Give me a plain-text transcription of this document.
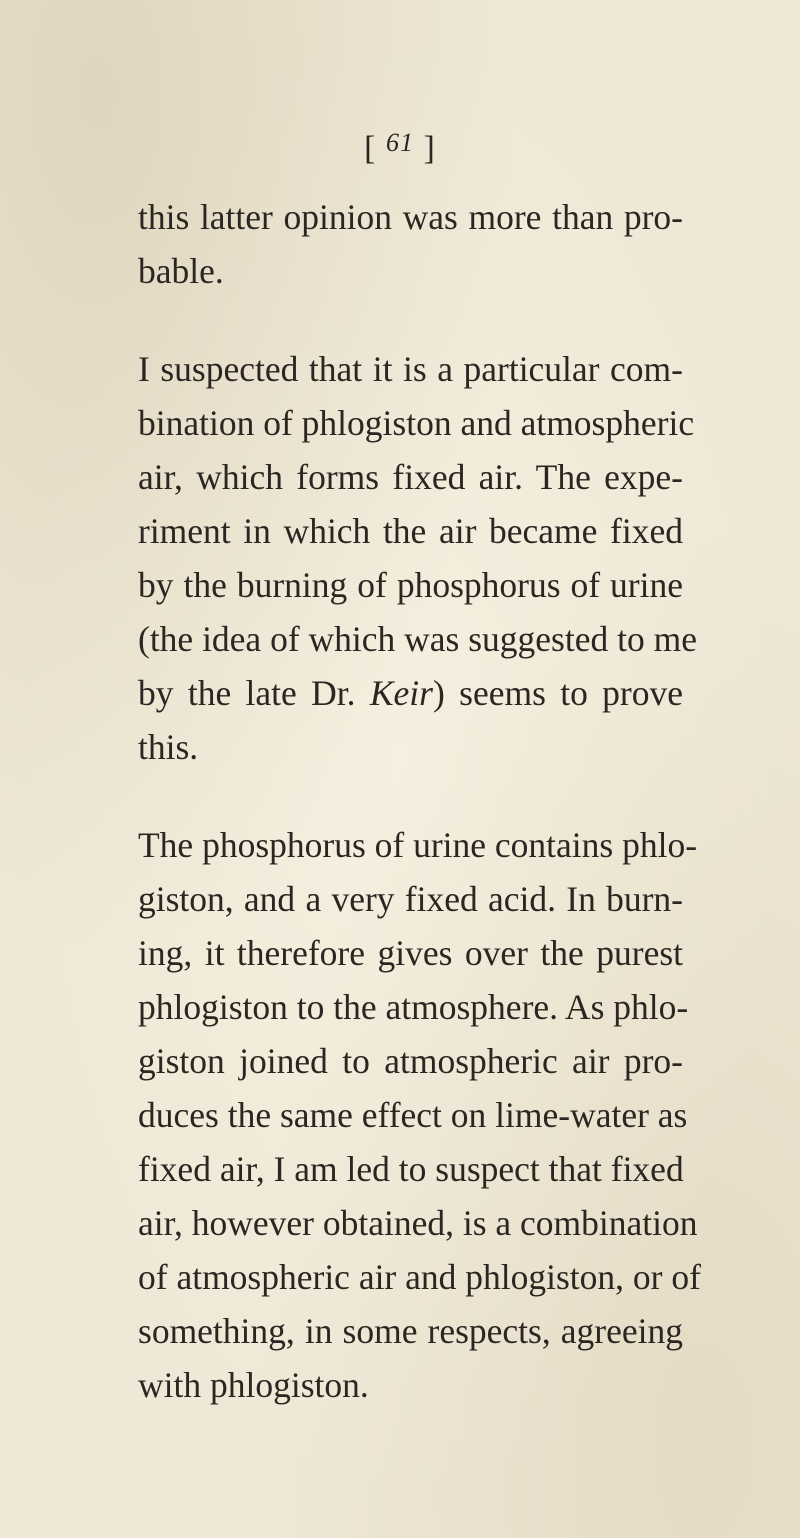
[ $^{61}$ ]

this latter opinion was more than pro-
bable.

I suspected that it is a particular com-
bination of phlogiston and atmospheric
air, which forms fixed air. The expe-
riment in which the air became fixed
by the burning of phosphorus of urine
(the idea of which was suggested to me
by the late Dr. Keir) seems to prove
this.

The phosphorus of urine contains phlo-
giston, and a very fixed acid. In burn-
ing, it therefore gives over the purest
phlogiston to the atmosphere. As phlo-
giston joined to atmospheric air pro-
duces the same effect on lime-water as
fixed air, I am led to suspect that fixed
air, however obtained, is a combination
of atmospheric air and phlogiston, or of
something, in some respects, agreeing
with phlogiston.
